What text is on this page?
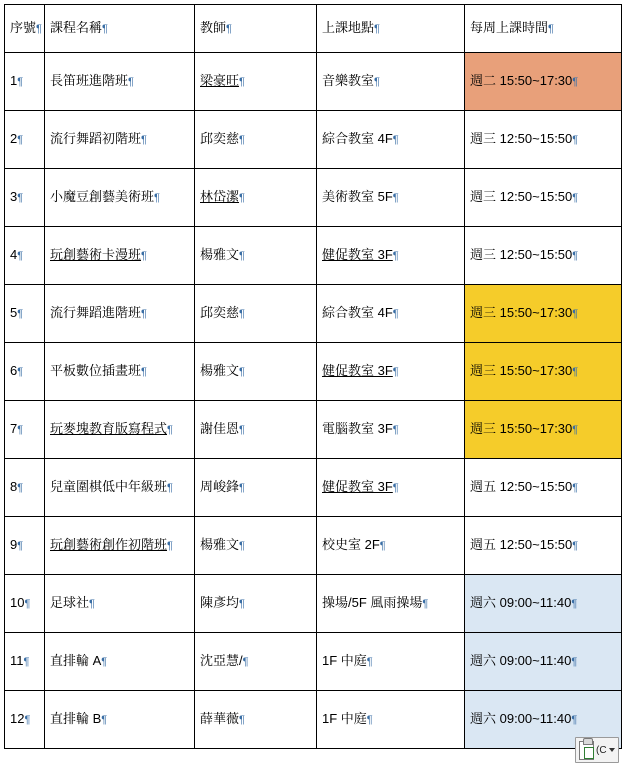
序號¶	課程名稱¶	教師¶	上課地點¶	每周上課時間¶
1¶	長笛班進階班¶	梁豪旺¶	音樂教室¶	週二 15:50~17:30¶
2¶	流行舞蹈初階班¶	邱奕慈¶	綜合教室 4F¶	週三 12:50~15:50¶
3¶	小魔豆創藝美術班¶	林岱潔¶	美術教室 5F¶	週三 12:50~15:50¶
4¶	玩創藝術卡漫班¶	楊雅文¶	健促教室 3F¶	週三 12:50~15:50¶
5¶	流行舞蹈進階班¶	邱奕慈¶	綜合教室 4F¶	週三 15:50~17:30¶
6¶	平板數位插畫班¶	楊雅文¶	健促教室 3F¶	週三 15:50~17:30¶
7¶	玩麥塊教育版寫程式¶	謝佳恩¶	電腦教室 3F¶	週三 15:50~17:30¶
8¶	兒童圍棋低中年級班¶	周峻鋒¶	健促教室 3F¶	週五 12:50~15:50¶
9¶	玩創藝術創作初階班¶	楊雅文¶	校史室 2F¶	週五 12:50~15:50¶
10¶	足球社¶	陳彥均¶	操場/5F 風雨操場¶	週六 09:00~11:40¶
11¶	直排輪 A¶	沈亞慧/¶	1F 中庭¶	週六 09:00~11:40¶
12¶	直排輪 B¶	薛華薇¶	1F 中庭¶	週六 09:00~11:40¶
(C
